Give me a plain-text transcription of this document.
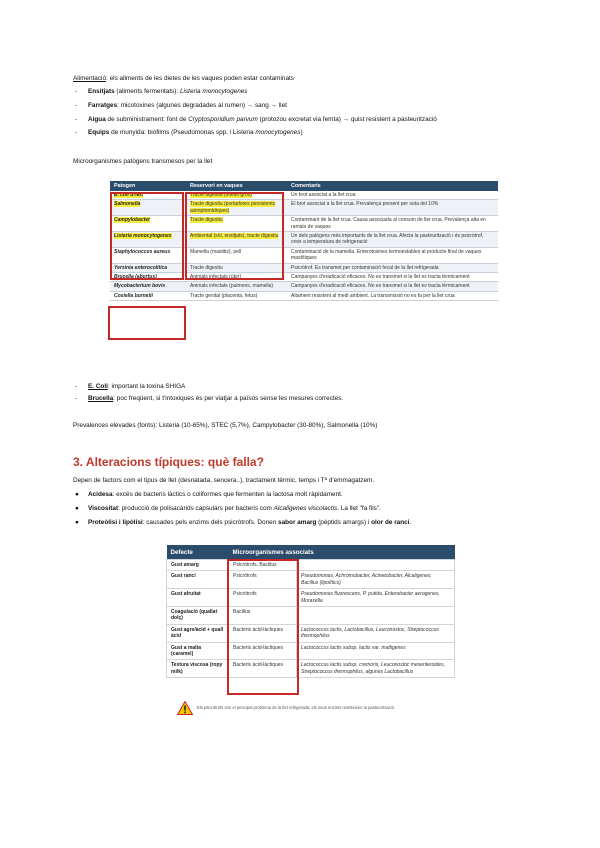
Alimentació: els aliments de les dietes de les vaques poden estar contaminats
- Ensitjats (aliments fermentats): Listeria monocytogenes
- Farratges: micotoxines (algunes degradades al rumen) → sang → llet
- Aigua de subministrament: font de Cryptosporidium parvum (protozou excretat via femta) → quist resistent a pasteurització
- Equips de munyida: biofilms (Pseudomonas spp. i Listeria monocytogenes)
Microorganismes patògens transmesos per la llet
Patogen	Reservori en vaques	Comentaris
E. coli STEC	Tracte digestiu (intestí gros)	Un brot associat a la llet crua
Salmonella	Tracte digestiu (portadores persistents asimptomàtiques)	El brot associat a la llet crua. Prevalença present per sota del 10%
Campylobacter	Tracte digestiu	Contaminant de la llet crua. Causa associada al consum de llet crua. Prevalença alta en ramats de vaques
Listeria monocytogenes	Ambiental (sòl, ensitjats), tracte digestiu	Un dels patògens més importants de la llet crua. Afecta la pasteurització i és psicròtrof, creix a temperatura de refrigeració
Staphylococcus aureus	Mamella (mastitis), pell	Contaminació de la mamella. Enterotoxines termoestables al producte final de vaques mastítiques
Yersinia enterocolitica	Tracte digestiu	Psicròtrof. Es transmet per contaminació fecal de la llet refrigerada
Brucella (abortus)	Animals infectats (úter)	Campanyes d'eradicació eficaces. No es transmet si la llet es tracta tèrmicament
Mycobacterium bovis	Animals infectats (pulmons, mamella)	Campanyes d'eradicació eficaces. No es transmet si la llet es tracta tèrmicament
Coxiella burnetii	Tracte genital (placenta, fetus)	Altament resistent al medi ambient. La transmissió no es fa per la llet crua
- E. Coli: important la toxina SHIGA
- Brucella: poc freqüent, si t'intoxiques és per viatjar a països sense les mesures correctes.
Prevalences elevades (fonts): Listeria (10-65%), STEC (5,7%), Campylobacter (30-80%), Salmonella (10%)
3. Alteracions típiques: què falla?
Depen de factors com el tipus de llet (desnatada, sencera..), tractament tèrmic, temps i Tª d'emmagatzem.
● Acidesa: excés de bacteris làctics o coliformes que fermenten la lactosa molt ràpidament.
● Viscositat: producció de polisacàrids capsulars per bacteris com Alcaligenes viscolactis. La llet "fa fils".
● Proteòlisi i lipòlisi: causades pels enzims dels psicròtrofs. Donen sabor amarg (pèptids amargs) i olor de ranci.
Defecte	Microorganismes associats	
Gust amarg	Psicròtrofs, Bacillus	
Gust ranci	Psicròtrofs	Pseudomonas, Achromobacter, Acinetobacter, Alcaligenes, Bacillus (lipolítics)
Gust afruitat	Psicròtrofs	Pseudomonas fluorescens, P. putida, Enterobacter aerogenes, Moraxella
Coagulació (quallat dolç)	Bacillus	
Gust agre/àcid + quall àcid	Bacteris àcid-làctiques	Lactococcus lactis, Lactobacillus, Leuconostoc, Streptococcus thermophilus
Gust a malta (caramel)	Bacteris àcid-làctiques	Lactococcus lactis subsp. lactis var. maltigenes
Textura viscosa (ropy milk)	Bacteris àcid-làctiques	Lactococcus lactis subsp. cremoris, Leuconostoc mesenteroides, Streptococcus thermophilus, algunes Lactobacillus
Els psicròtrofs són el principal problema de la llet refrigerada; els seus enzims resisteixen la pasteurització.
